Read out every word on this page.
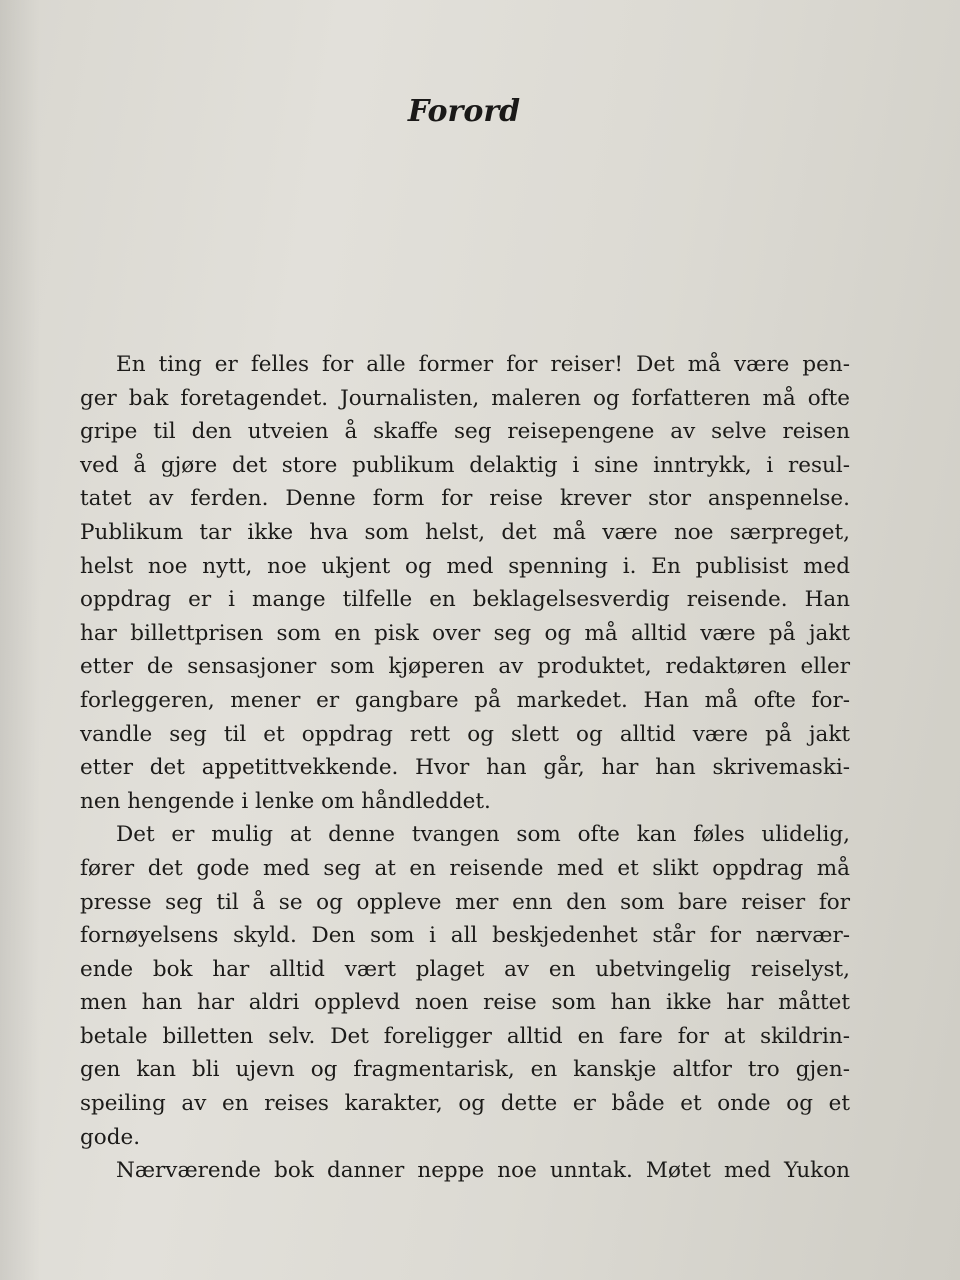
Forord
En ting er felles for alle former for reiser! Det må være pen-
ger bak foretagendet. Journalisten, maleren og forfatteren må ofte
gripe til den utveien å skaffe seg reisepengene av selve reisen
ved å gjøre det store publikum delaktig i sine inntrykk, i resul-
tatet av ferden. Denne form for reise krever stor anspennelse.
Publikum tar ikke hva som helst, det må være noe særpreget,
helst noe nytt, noe ukjent og med spenning i. En publisist med
oppdrag er i mange tilfelle en beklagelsesverdig reisende. Han
har billettprisen som en pisk over seg og må alltid være på jakt
etter de sensasjoner som kjøperen av produktet, redaktøren eller
forleggeren, mener er gangbare på markedet. Han må ofte for-
vandle seg til et oppdrag rett og slett og alltid være på jakt
etter det appetittvekkende. Hvor han går, har han skrivemaski-
nen hengende i lenke om håndleddet.
Det er mulig at denne tvangen som ofte kan føles ulidelig,
fører det gode med seg at en reisende med et slikt oppdrag må
presse seg til å se og oppleve mer enn den som bare reiser for
fornøyelsens skyld. Den som i all beskjedenhet står for nærvær-
ende bok har alltid vært plaget av en ubetvingelig reiselyst,
men han har aldri opplevd noen reise som han ikke har måttet
betale billetten selv. Det foreligger alltid en fare for at skildrin-
gen kan bli ujevn og fragmentarisk, en kanskje altfor tro gjen-
speiling av en reises karakter, og dette er både et onde og et
gode.
Nærværende bok danner neppe noe unntak. Møtet med Yukon
